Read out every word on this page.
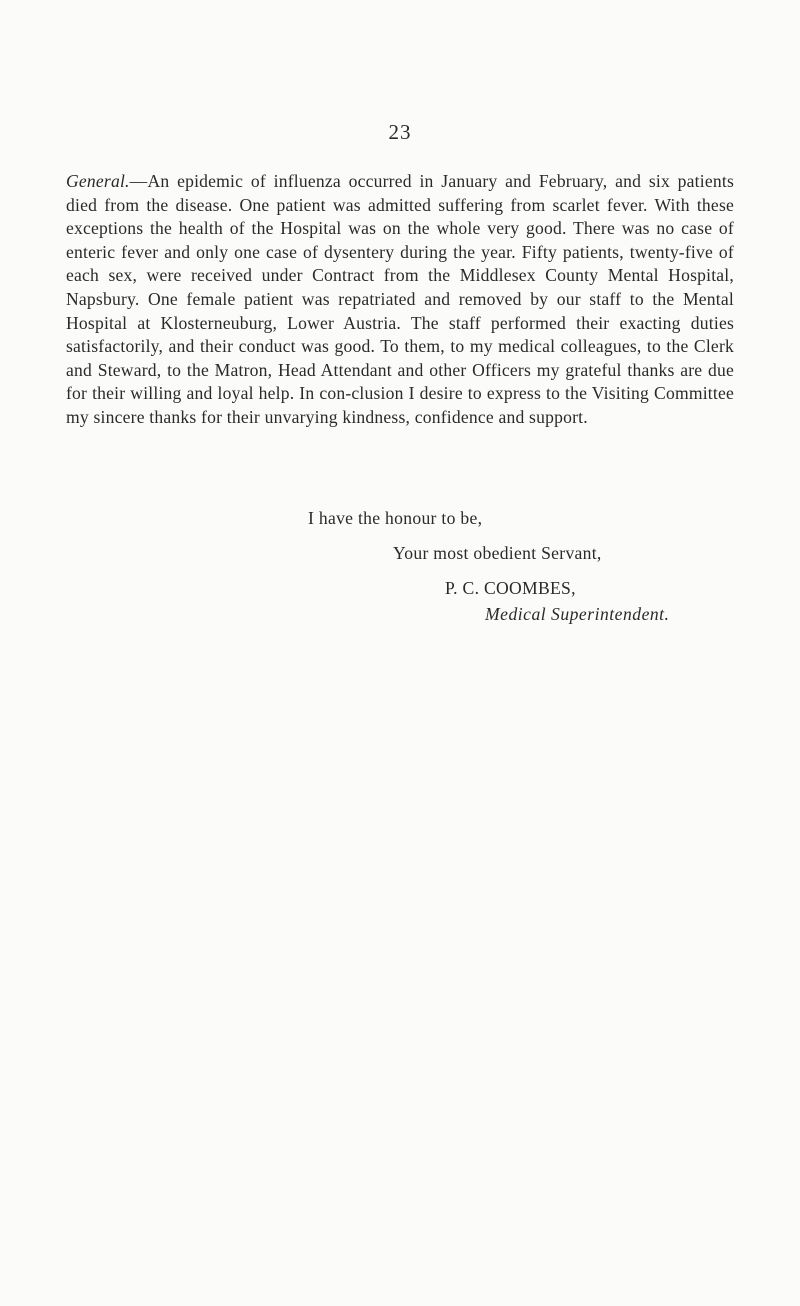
23
General.—An epidemic of influenza occurred in January and February, and six patients died from the disease. One patient was admitted suffering from scarlet fever. With these exceptions the health of the Hospital was on the whole very good. There was no case of enteric fever and only one case of dysentery during the year. Fifty patients, twenty-five of each sex, were received under Contract from the Middlesex County Mental Hospital, Napsbury. One female patient was repatriated and removed by our staff to the Mental Hospital at Klosterneuburg, Lower Austria. The staff performed their exacting duties satisfactorily, and their conduct was good. To them, to my medical colleagues, to the Clerk and Steward, to the Matron, Head Attendant and other Officers my grateful thanks are due for their willing and loyal help. In con-clusion I desire to express to the Visiting Committee my sincere thanks for their unvarying kindness, confidence and support.
I have the honour to be,
Your most obedient Servant,
P. C. COOMBES,
Medical Superintendent.
